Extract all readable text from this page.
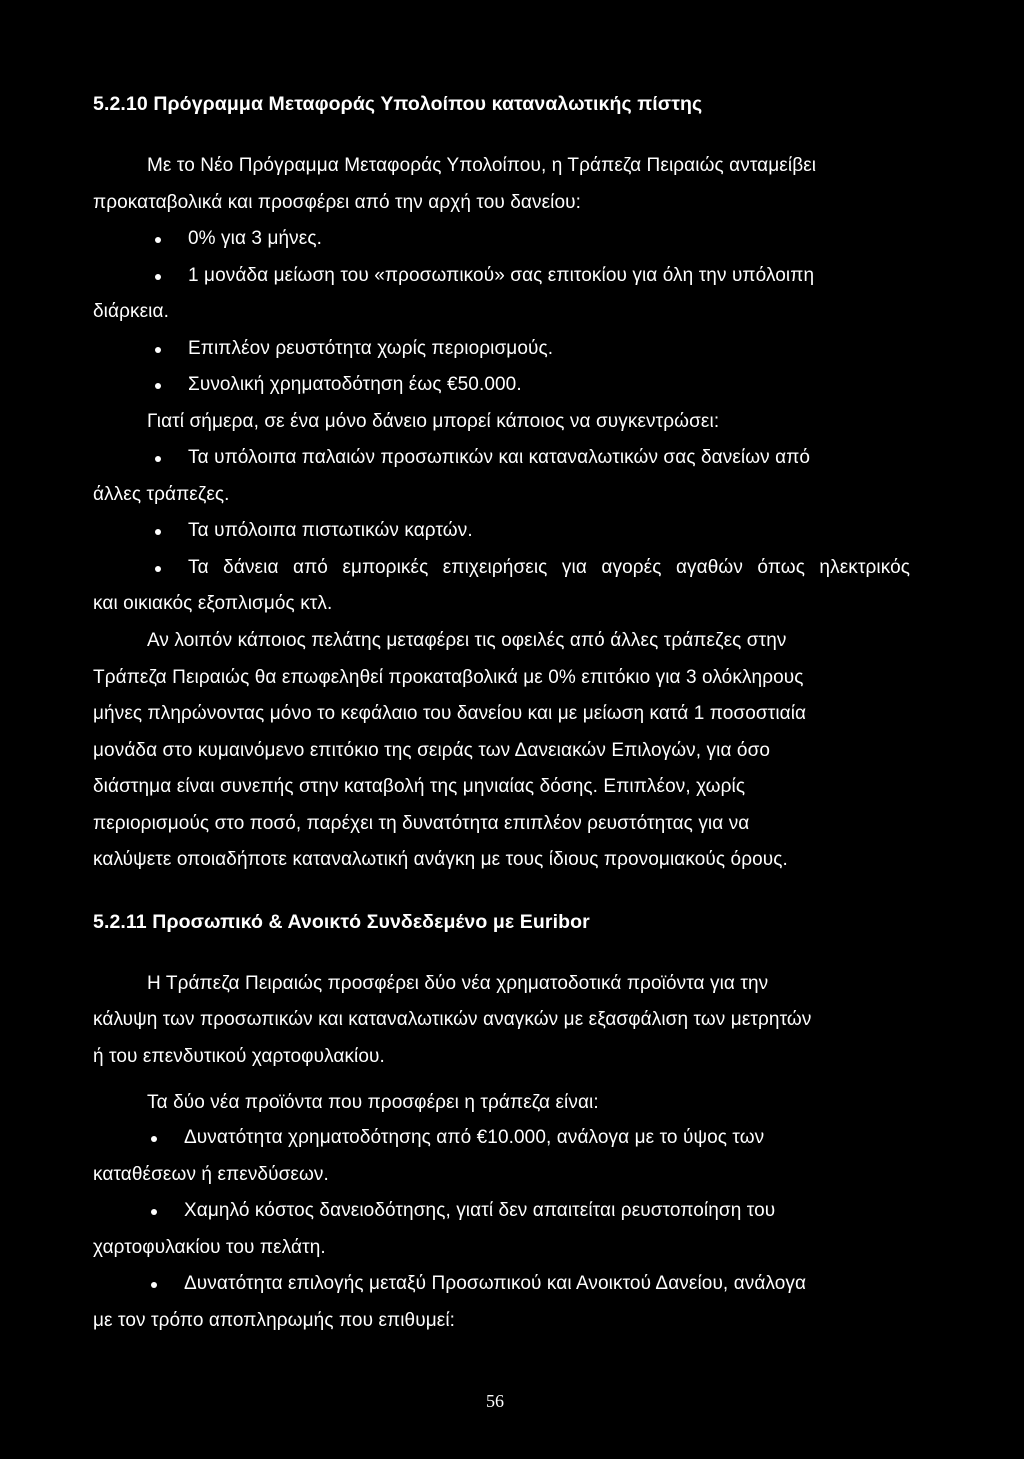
5.2.10 Πρόγραμμα Μεταφοράς Υπολοίπου καταναλωτικής πίστης
Με το Νέο Πρόγραμμα Μεταφοράς Υπολοίπου, η Τράπεζα Πειραιώς ανταμείβει
προκαταβολικά και προσφέρει από την αρχή του δανείου:
0% για 3 μήνες.
1 μονάδα μείωση του «προσωπικού» σας επιτοκίου για όλη την υπόλοιπη
διάρκεια.
Επιπλέον ρευστότητα χωρίς περιορισμούς.
Συνολική χρηματοδότηση έως €50.000.
Γιατί σήμερα, σε ένα μόνο δάνειο μπορεί κάποιος να συγκεντρώσει:
Τα υπόλοιπα παλαιών προσωπικών και καταναλωτικών σας δανείων από
άλλες τράπεζες.
Τα υπόλοιπα πιστωτικών καρτών.
Τα δάνεια από εμπορικές επιχειρήσεις για αγορές αγαθών όπως ηλεκτρικός
και οικιακός εξοπλισμός κτλ.
Αν λοιπόν κάποιος πελάτης μεταφέρει τις οφειλές από άλλες τράπεζες στην
Τράπεζα Πειραιώς θα επωφεληθεί προκαταβολικά με 0% επιτόκιο για 3 ολόκληρους
μήνες πληρώνοντας μόνο το κεφάλαιο του δανείου και με μείωση κατά 1 ποσοστιαία
μονάδα στο κυμαινόμενο επιτόκιο της σειράς των Δανειακών Επιλογών, για όσο
διάστημα είναι συνεπής στην καταβολή της μηνιαίας δόσης. Επιπλέον, χωρίς
περιορισμούς στο ποσό, παρέχει τη δυνατότητα επιπλέον ρευστότητας για να
καλύψετε οποιαδήποτε καταναλωτική ανάγκη με τους ίδιους προνομιακούς όρους.
5.2.11 Προσωπικό & Ανοικτό Συνδεδεμένο με Euribor
Η Τράπεζα Πειραιώς προσφέρει δύο νέα χρηματοδοτικά προϊόντα για την
κάλυψη των προσωπικών και καταναλωτικών αναγκών με εξασφάλιση των μετρητών
ή του επενδυτικού χαρτοφυλακίου.
Τα δύο νέα προϊόντα που προσφέρει η τράπεζα είναι:
Δυνατότητα χρηματοδότησης από €10.000, ανάλογα με το ύψος των
καταθέσεων ή επενδύσεων.
Χαμηλό κόστος δανειοδότησης, γιατί δεν απαιτείται ρευστοποίηση του
χαρτοφυλακίου του πελάτη.
Δυνατότητα επιλογής μεταξύ Προσωπικού και Ανοικτού Δανείου, ανάλογα
με τον τρόπο αποπληρωμής που επιθυμεί:
56
